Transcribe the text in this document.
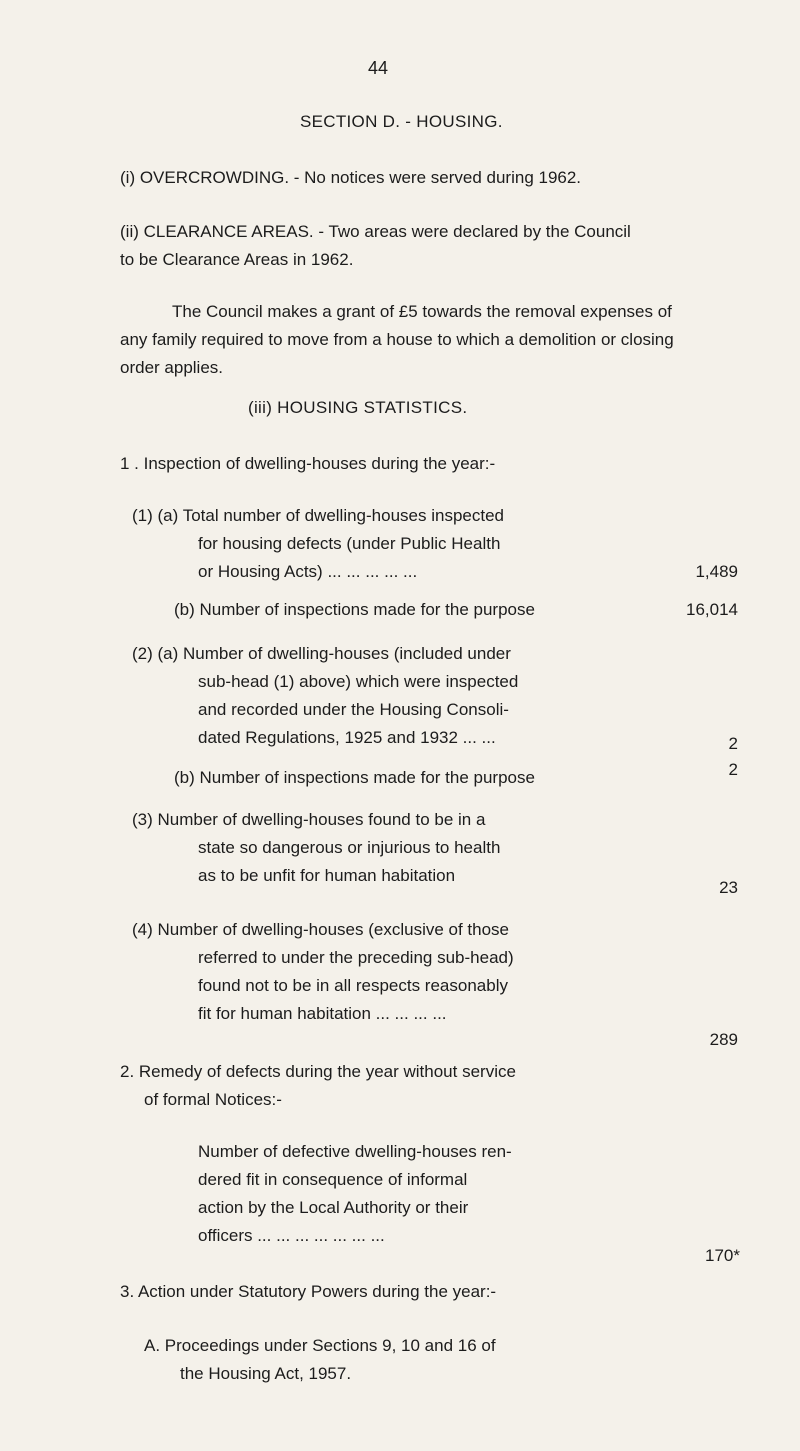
44
SECTION D. - HOUSING.
(i) OVERCROWDING. - No notices were served during 1962.
(ii) CLEARANCE AREAS. - Two areas were declared by the Council
to be Clearance Areas in 1962.
The Council makes a grant of £5 towards the removal expenses of
any family required to move from a house to which a demolition or closing
order applies.
(iii) HOUSING STATISTICS.
1 . Inspection of dwelling-houses during the year:-
(1) (a) Total number of dwelling-houses inspected
for housing defects (under Public Health
or Housing Acts) ... ... ... ... ...	1,489
(b) Number of inspections made for the purpose	16,014
(2) (a) Number of dwelling-houses (included under
sub-head (1) above) which were inspected
and recorded under the Housing Consoli-
dated Regulations, 1925 and 1932 ... ...	2
(b) Number of inspections made for the purpose	2
(3) Number of dwelling-houses found to be in a
state so dangerous or injurious to health
as to be unfit for human habitation
23
(4) Number of dwelling-houses (exclusive of those
referred to under the preceding sub-head)
found not to be in all respects reasonably
fit for human habitation ... ... ... ...
289
2. Remedy of defects during the year without service
of formal Notices:-
Number of defective dwelling-houses ren-
dered fit in consequence of informal
action by the Local Authority or their
officers ... ... ... ... ... ... ...
170*
3. Action under Statutory Powers during the year:-
A. Proceedings under Sections 9, 10 and 16 of
the Housing Act, 1957.
